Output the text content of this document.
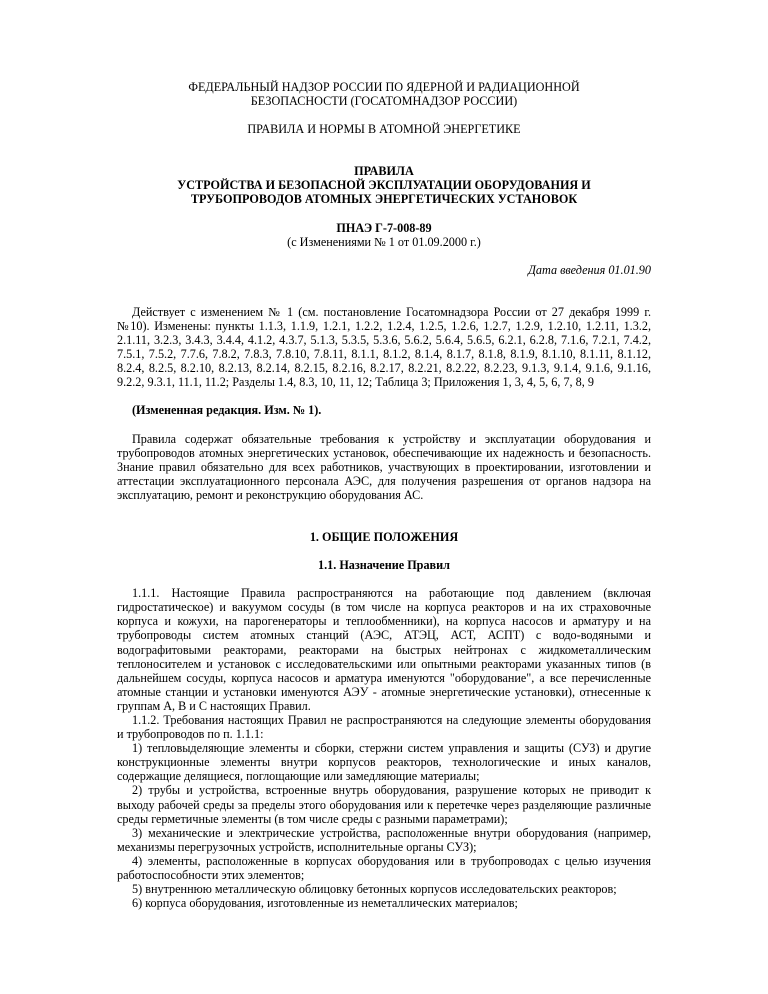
ФЕДЕРАЛЬНЫЙ НАДЗОР РОССИИ ПО ЯДЕРНОЙ И РАДИАЦИОННОЙ
БЕЗОПАСНОСТИ (ГОСАТОМНАДЗОР РОССИИ)

ПРАВИЛА И НОРМЫ В АТОМНОЙ ЭНЕРГЕТИКЕ

ПРАВИЛА
УСТРОЙСТВА И БЕЗОПАСНОЙ ЭКСПЛУАТАЦИИ ОБОРУДОВАНИЯ И
ТРУБОПРОВОДОВ АТОМНЫХ ЭНЕРГЕТИЧЕСКИХ УСТАНОВОК

ПНАЭ Г-7-008-89
(с Изменениями № 1 от 01.09.2000 г.)

Дата введения 01.01.90

Действует с изменением № 1 (см. постановление Госатомнадзора России от 27 декабря 1999 г. №10). Изменены: пункты 1.1.3, 1.1.9, 1.2.1, 1.2.2, 1.2.4, 1.2.5, 1.2.6, 1.2.7, 1.2.9, 1.2.10, 1.2.11, 1.3.2, 2.1.11, 3.2.3, 3.4.3, 3.4.4, 4.1.2, 4.3.7, 5.1.3, 5.3.5, 5.3.6, 5.6.2, 5.6.4, 5.6.5, 6.2.1, 6.2.8, 7.1.6, 7.2.1, 7.4.2, 7.5.1, 7.5.2, 7.7.6, 7.8.2, 7.8.3, 7.8.10, 7.8.11, 8.1.1, 8.1.2, 8.1.4, 8.1.7, 8.1.8, 8.1.9, 8.1.10, 8.1.11, 8.1.12, 8.2.4, 8.2.5, 8.2.10, 8.2.13, 8.2.14, 8.2.15, 8.2.16, 8.2.17, 8.2.21, 8.2.22, 8.2.23, 9.1.3, 9.1.4, 9.1.6, 9.1.16, 9.2.2, 9.3.1, 11.1, 11.2; Разделы 1.4, 8.3, 10, 11, 12; Таблица 3; Приложения 1, 3, 4, 5, 6, 7, 8, 9

(Измененная редакция. Изм. № 1).

Правила содержат обязательные требования к устройству и эксплуатации оборудования и трубопроводов атомных энергетических установок, обеспечивающие их надежность и безопасность. Знание правил обязательно для всех работников, участвующих в проектировании, изготовлении и аттестации эксплуатационного персонала АЭС, для получения разрешения от органов надзора на эксплуатацию, ремонт и реконструкцию оборудования АС.

1. ОБЩИЕ ПОЛОЖЕНИЯ

1.1. Назначение Правил

1.1.1. Настоящие Правила распространяются на работающие под давлением (включая гидростатическое) и вакуумом сосуды (в том числе на корпуса реакторов и на их страховочные корпуса и кожухи, на парогенераторы и теплообменники), на корпуса насосов и арматуру и на трубопроводы систем атомных станций (АЭС, АТЭЦ, АСТ, АСПТ) с водо-водяными и водографитовыми реакторами, реакторами на быстрых нейтронах с жидкометаллическим теплоносителем и установок с исследовательскими или опытными реакторами указанных типов (в дальнейшем сосуды, корпуса насосов и арматура именуются "оборудование", а все перечисленные атомные станции и установки именуются АЭУ - атомные энергетические установки), отнесенные к группам А, В и С настоящих Правил.

1.1.2. Требования настоящих Правил не распространяются на следующие элементы оборудования и трубопроводов по п. 1.1.1:

1) тепловыделяющие элементы и сборки, стержни систем управления и защиты (СУЗ) и другие конструкционные элементы внутри корпусов реакторов, технологические и иных каналов, содержащие делящиеся, поглощающие или замедляющие материалы;
2) трубы и устройства, встроенные внутрь оборудования, разрушение которых не приводит к выходу рабочей среды за пределы этого оборудования или к перетечке через разделяющие различные среды герметичные элементы (в том числе среды с разными параметрами);
3) механические и электрические устройства, расположенные внутри оборудования (например, механизмы перегрузочных устройств, исполнительные органы СУЗ);
4) элементы, расположенные в корпусах оборудования или в трубопроводах с целью изучения работоспособности этих элементов;
5) внутреннюю металлическую облицовку бетонных корпусов исследовательских реакторов;
6) корпуса оборудования, изготовленные из неметаллических материалов;
